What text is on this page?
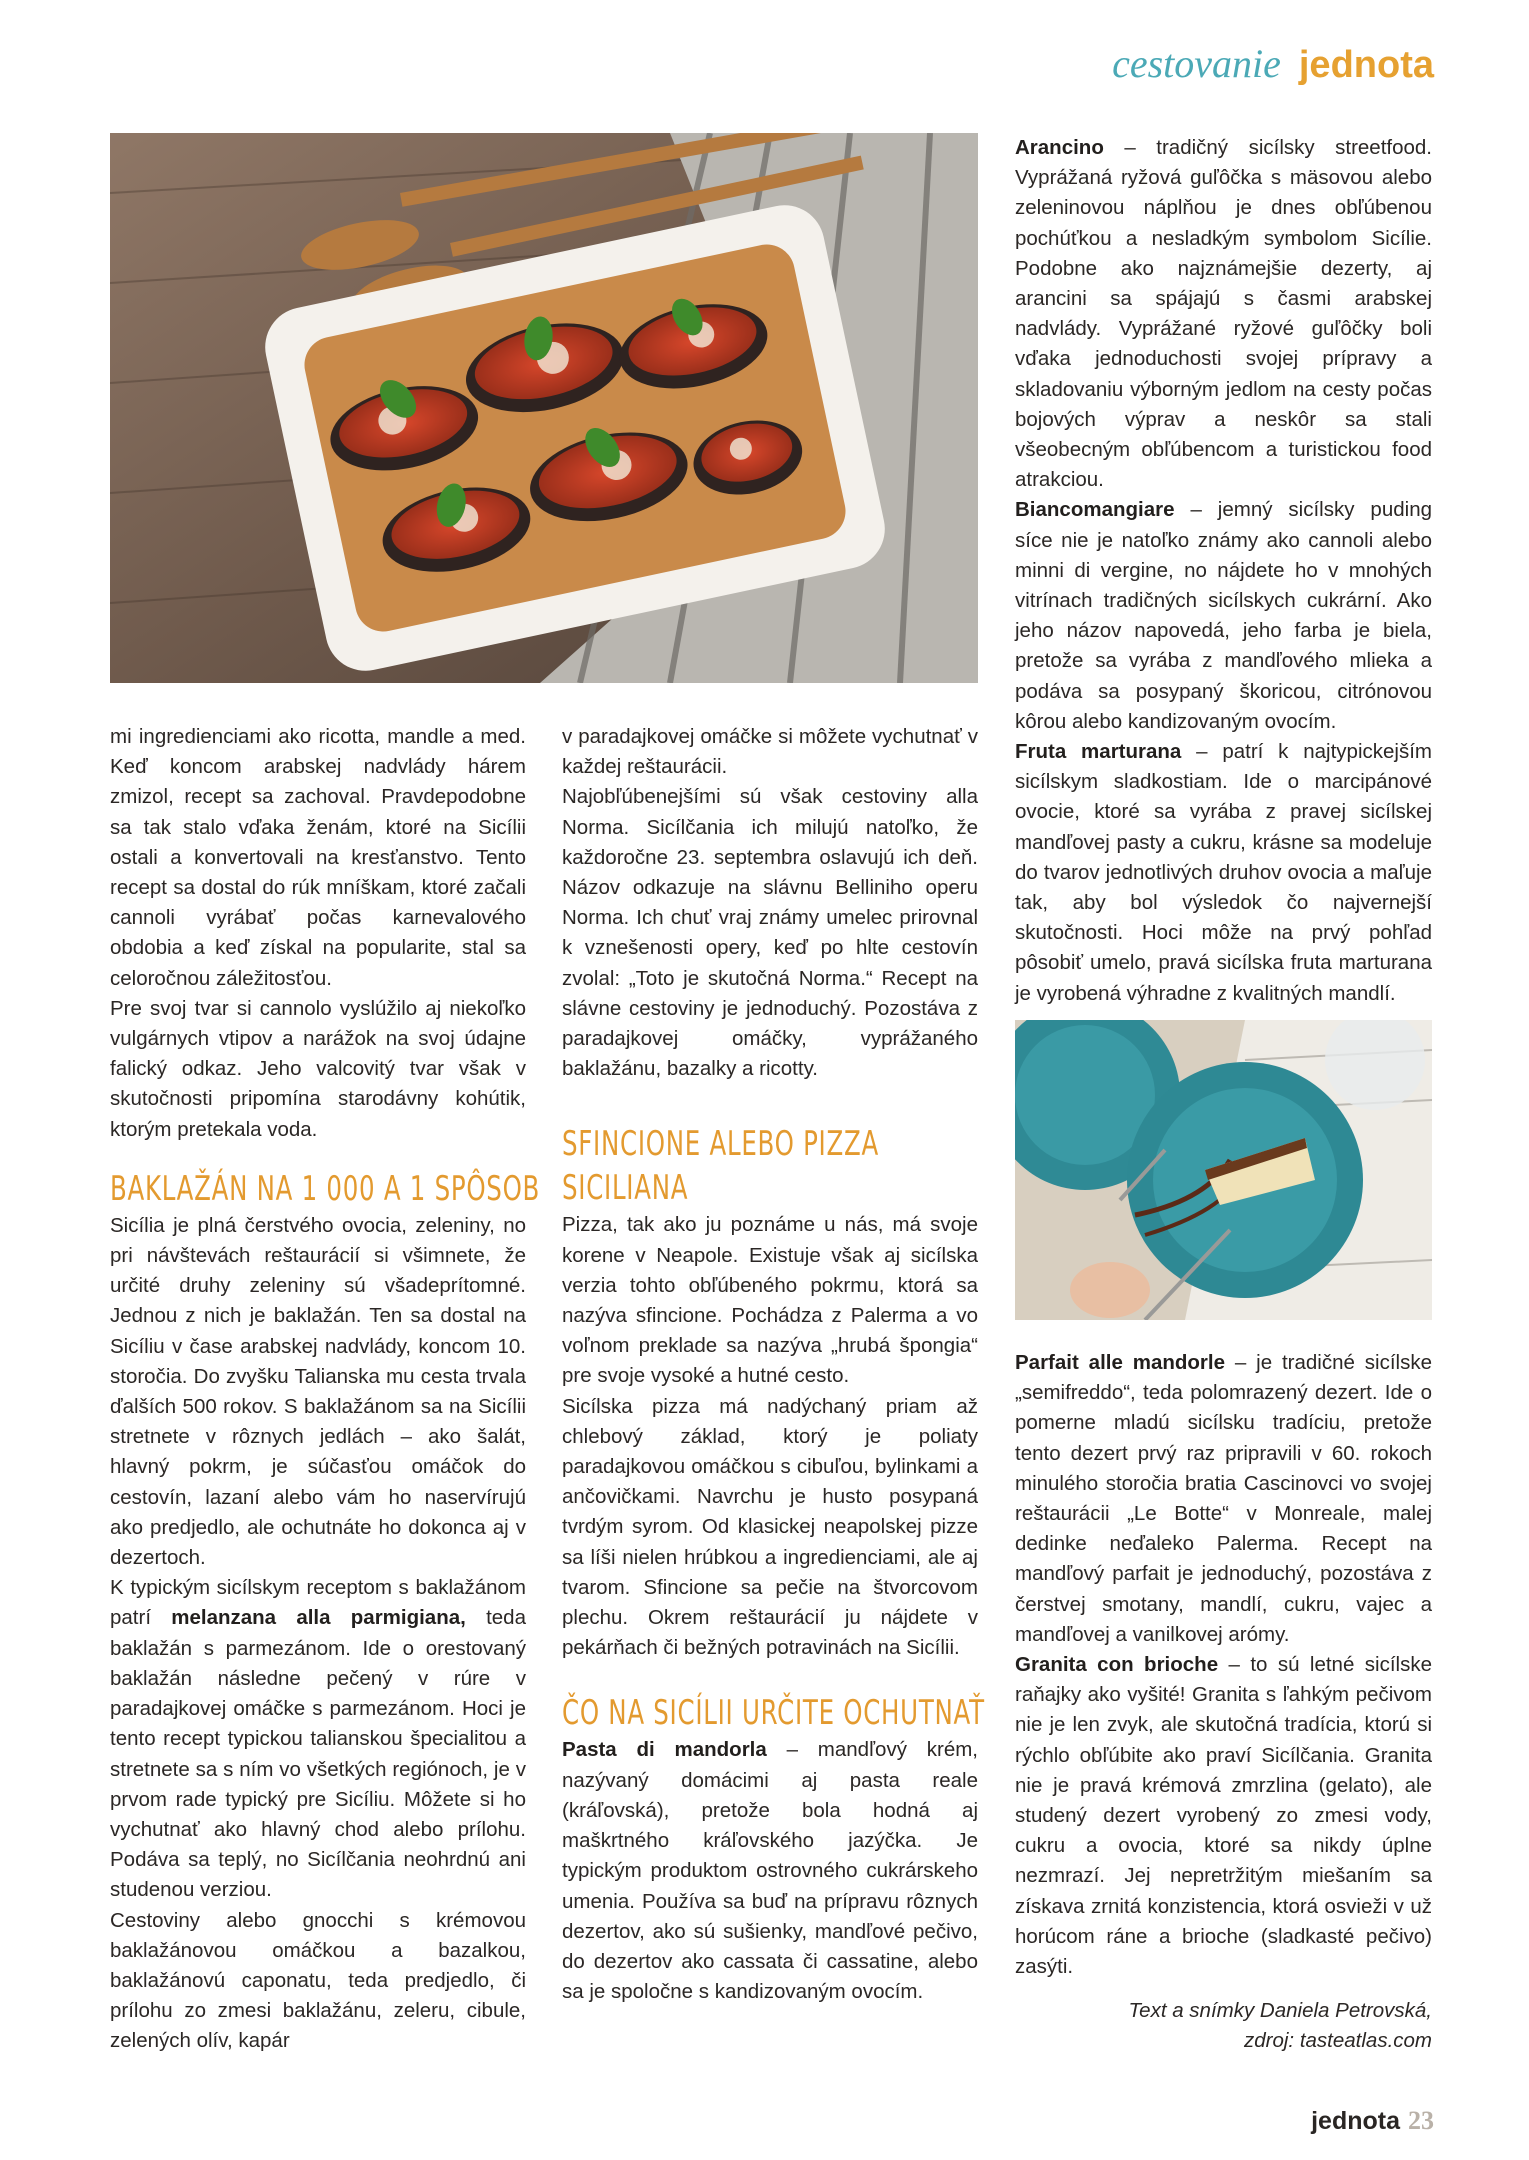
cestovanie jednota

mi ingredienciami ako ricotta, mandle a med. Keď koncom arabskej nadvlády hárem zmizol, recept sa zachoval. Pravdepodobne sa tak stalo vďaka ženám, ktoré na Sicílii ostali a konvertovali na kresťanstvo. Tento recept sa dostal do rúk mníškam, ktoré začali cannoli vyrábať počas karnevalového obdobia a keď získal na popularite, stal sa celoročnou záležitosťou.

Pre svoj tvar si cannolo vyslúžilo aj niekoľko vulgárnych vtipov a narážok na svoj údajne falický odkaz. Jeho valcovitý tvar však v skutočnosti pripomína starodávny kohútik, ktorým pretekala voda.

BAKLAŽÁN NA 1 000 A 1 SPÔSOB

Sicília je plná čerstvého ovocia, zeleniny, no pri návštevách reštaurácií si všimnete, že určité druhy zeleniny sú všadeprítomné. Jednou z nich je baklažán. Ten sa dostal na Sicíliu v čase arabskej nadvlády, koncom 10. storočia. Do zvyšku Talianska mu cesta trvala ďalších 500 rokov. S baklažánom sa na Sicílii stretnete v rôznych jedlách – ako šalát, hlavný pokrm, je súčasťou omáčok do cestovín, lazaní alebo vám ho naservírujú ako predjedlo, ale ochutnáte ho dokonca aj v dezertoch.

K typickým sicílskym receptom s baklažánom patrí melanzana alla parmigiana, teda baklažán s parmezánom. Ide o orestovaný baklažán následne pečený v rúre v paradajkovej omáčke s parmezánom. Hoci je tento recept typickou talianskou špecialitou a stretnete sa s ním vo všetkých regiónoch, je v prvom rade typický pre Sicíliu. Môžete si ho vychutnať ako hlavný chod alebo prílohu. Podáva sa teplý, no Sicílčania neohrdnú ani studenou verziou.

Cestoviny alebo gnocchi s krémovou baklažánovou omáčkou a bazalkou, baklažánovú caponatu, teda predjedlo, či prílohu zo zmesi baklažánu, zeleru, cibule, zelených olív, kapár

v paradajkovej omáčke si môžete vychutnať v každej reštaurácii.

Najobľúbenejšími sú však cestoviny alla Norma. Sicílčania ich milujú natoľko, že každoročne 23. septembra oslavujú ich deň. Názov odkazuje na slávnu Belliniho operu Norma. Ich chuť vraj známy umelec prirovnal k vznešenosti opery, keď po hlte cestovín zvolal: „Toto je skutočná Norma.“ Recept na slávne cestoviny je jednoduchý. Pozostáva z paradajkovej omáčky, vyprážaného baklažánu, bazalky a ricotty.

SFINCIONE ALEBO PIZZA
SICILIANA

Pizza, tak ako ju poznáme u nás, má svoje korene v Neapole. Existuje však aj sicílska verzia tohto obľúbeného pokrmu, ktorá sa nazýva sfincione. Pochádza z Palerma a vo voľnom preklade sa nazýva „hrubá špongia“ pre svoje vysoké a hutné cesto.

Sicílska pizza má nadýchaný priam až chlebový základ, ktorý je poliaty paradajkovou omáčkou s cibuľou, bylinkami a ančovičkami. Navrchu je husto posypaná tvrdým syrom. Od klasickej neapolskej pizze sa líši nielen hrúbkou a ingredienciami, ale aj tvarom. Sfincione sa pečie na štvorcovom plechu. Okrem reštaurácií ju nájdete v pekárňach či bežných potravinách na Sicílii.

ČO NA SICÍLII URČITE OCHUTNAŤ

Pasta di mandorla – mandľový krém, nazývaný domácimi aj pasta reale (kráľovská), pretože bola hodná aj maškrtného kráľovského jazýčka. Je typickým produktom ostrovného cukrárskeho umenia. Používa sa buď na prípravu rôznych dezertov, ako sú sušienky, mandľové pečivo, do dezertov ako cassata či cassatine, alebo sa je spoločne s kandizovaným ovocím.

Arancino – tradičný sicílsky streetfood. Vyprážaná ryžová guľôčka s mäsovou alebo zeleninovou náplňou je dnes obľúbenou pochúťkou a nesladkým symbolom Sicílie. Podobne ako najznámejšie dezerty, aj arancini sa spájajú s časmi arabskej nadvlády. Vyprážané ryžové guľôčky boli vďaka jednoduchosti svojej prípravy a skladovaniu výborným jedlom na cesty počas bojových výprav a neskôr sa stali všeobecným obľúbencom a turistickou food atrakciou.

Biancomangiare – jemný sicílsky puding síce nie je natoľko známy ako cannoli alebo minni di vergine, no nájdete ho v mnohých vitrínach tradičných sicílskych cukrární. Ako jeho názov napovedá, jeho farba je biela, pretože sa vyrába z mandľového mlieka a podáva sa posypaný škoricou, citrónovou kôrou alebo kandizovaným ovocím.

Fruta marturana – patrí k najtypickejším sicílskym sladkostiam. Ide o marcipánové ovocie, ktoré sa vyrába z pravej sicílskej mandľovej pasty a cukru, krásne sa modeluje do tvarov jednotlivých druhov ovocia a maľuje tak, aby bol výsledok čo najvernejší skutočnosti. Hoci môže na prvý pohľad pôsobiť umelo, pravá sicílska fruta marturana je vyrobená výhradne z kvalitných mandlí.

Parfait alle mandorle – je tradičné sicílske „semifreddo“, teda polomrazený dezert. Ide o pomerne mladú sicílsku tradíciu, pretože tento dezert prvý raz pripravili v 60. rokoch minulého storočia bratia Cascinovci vo svojej reštaurácii „Le Botte“ v Monreale, malej dedinke neďaleko Palerma. Recept na mandľový parfait je jednoduchý, pozostáva z čerstvej smotany, mandlí, cukru, vajec a mandľovej a vanilkovej arómy.

Granita con brioche – to sú letné sicílske raňajky ako vyšité! Granita s ľahkým pečivom nie je len zvyk, ale skutočná tradícia, ktorú si rýchlo obľúbite ako praví Sicílčania. Granita nie je pravá krémová zmrzlina (gelato), ale studený dezert vyrobený zo zmesi vody, cukru a ovocia, ktoré sa nikdy úplne nezmrazí. Jej nepretržitým miešaním sa získava zrnitá konzistencia, ktorá osvieži v už horúcom ráne a brioche (sladkasté pečivo) zasýti.

Text a snímky Daniela Petrovská,
zdroj: tasteatlas.com
jednota 23
